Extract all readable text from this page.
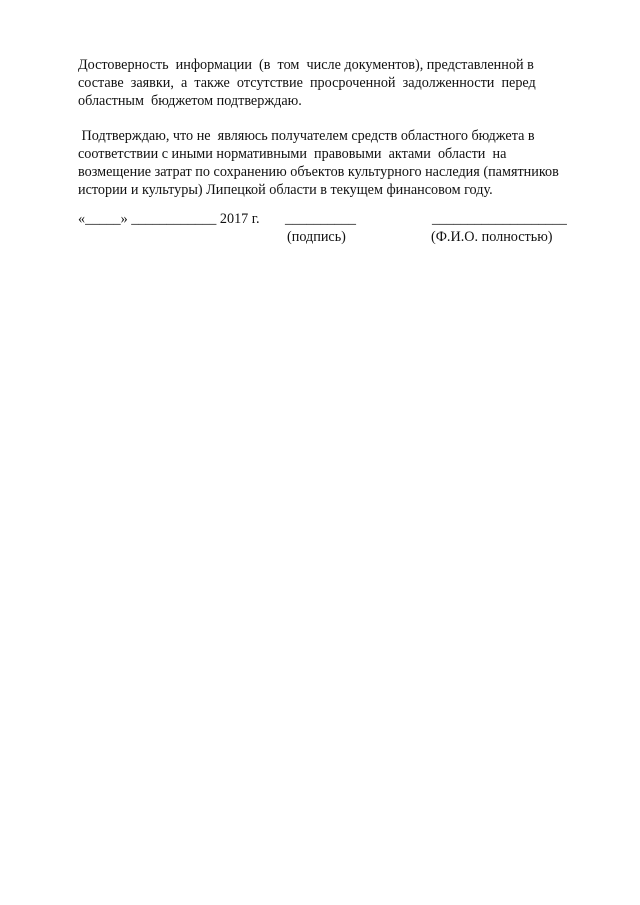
Достоверность  информации  (в  том  числе документов), представленной в
составе  заявки,  а  также  отсутствие  просроченной  задолженности  перед
областным  бюджетом подтверждаю.
Подтверждаю, что не  являюсь получателем средств областного бюджета в
соответствии с иными нормативными  правовыми  актами  области  на
возмещение затрат по сохранению объектов культурного наследия (памятников
истории и культуры) Липецкой области в текущем финансовом году.

«_____» ____________ 2017 г.

__________

	___________________

(подпись)	(Ф.И.О. полностью)
